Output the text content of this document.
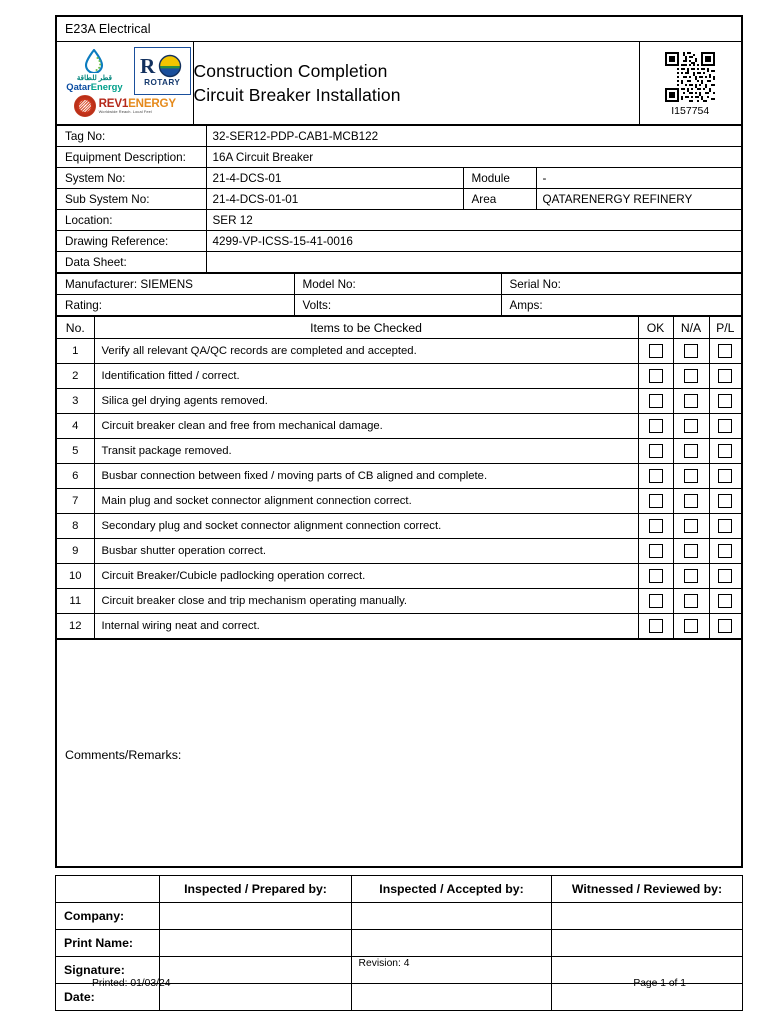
E23A Electrical

قطر للطاقة
QatarEnergy
R
ROTARY
REV1ENERGY
Worldwide Reach. Local Feel

Construction Completion
Circuit Breaker Installation

I157754
Tag No:	32-SER12-PDP-CAB1-MCB122		
Equipment Description:	16A Circuit Breaker		
System No:	21-4-DCS-01	Module	-
Sub System No:	21-4-DCS-01-01	Area	QATARENERGY REFINERY
Location:	SER 12		
Drawing Reference:	4299-VP-ICSS-15-41-0016		
Data Sheet:			
Manufacturer: SIEMENS	Model No:	Serial No:
Rating:	Volts:	Amps:
No.	Items to be Checked	OK	N/A	P/L
1	Verify all relevant QA/QC records are completed and accepted.			
2	Identification fitted / correct.			
3	Silica gel drying agents removed.			
4	Circuit breaker clean and free from mechanical damage.			
5	Transit package removed.			
6	Busbar connection between fixed / moving parts of CB aligned and complete.			
7	Main plug and socket connector alignment connection correct.			
8	Secondary plug and socket connector alignment connection correct.			
9	Busbar shutter operation correct.			
10	Circuit Breaker/Cubicle padlocking operation correct.			
11	Circuit breaker close and trip mechanism operating manually.			
12	Internal wiring neat and correct.			
Comments/Remarks:
	Inspected / Prepared by:	Inspected / Accepted by:	Witnessed / Reviewed by:
Company:			
Print Name:			
Signature:			
Date:			
Revision: 4
Printed: 01/03/24	Page 1 of 1
